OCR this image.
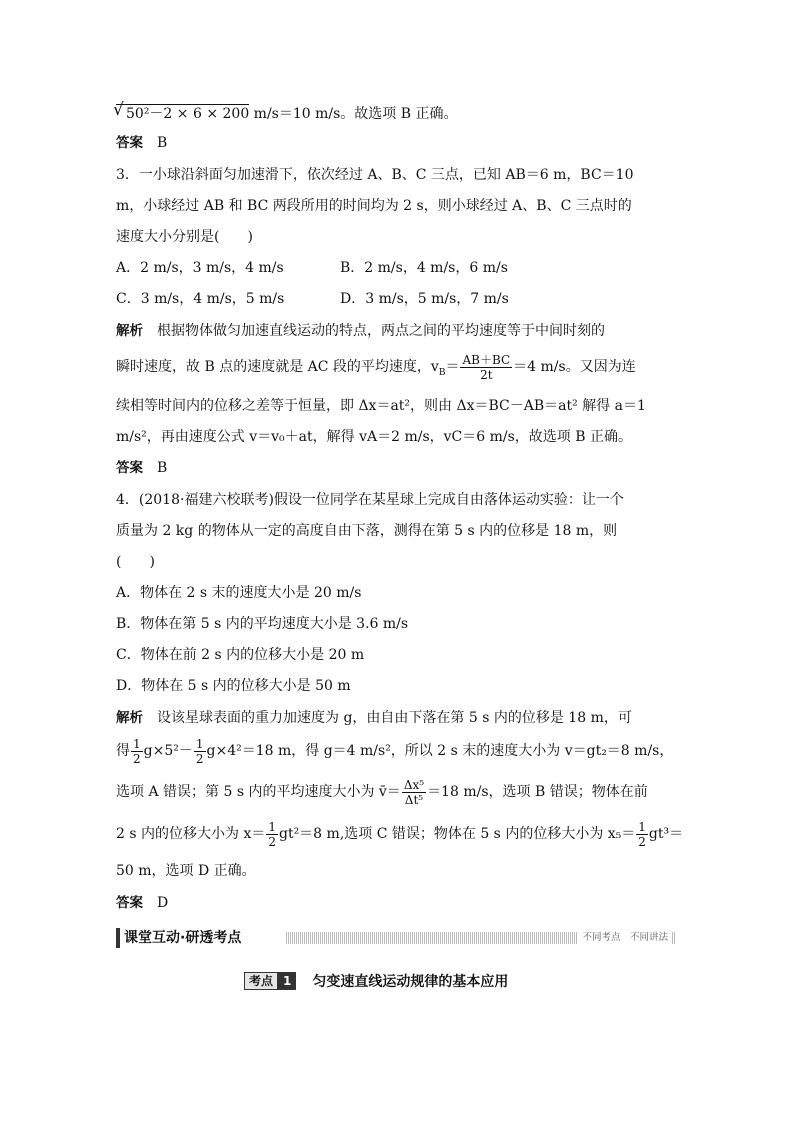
√ 50²－2 × 6 × 200 m/s＝10 m/s。故选项 B 正确。
答案　 B
3．一小球沿斜面匀加速滑下，依次经过 A、B、C 三点，已知 AB＝6 m，BC＝10
m，小球经过 AB 和 BC 两段所用的时间均为 2 s，则小球经过 A、B、C 三点时的
速度大小分别是(　　)
A．2 m/s，3 m/s，4 m/s	B．2 m/s，4 m/s，6 m/s
C．3 m/s，4 m/s，5 m/s	D．3 m/s，5 m/s，7 m/s
解析　根据物体做匀加速直线运动的特点，两点之间的平均速度等于中间时刻的
瞬时速度，故 B 点的速度就是 AC 段的平均速度，$v_B= \frac{AB+BC}{2t} =4$ m/s。又因为连
续相等时间内的位移之差等于恒量，即 Δx＝at²，则由 Δx＝BC－AB＝at² 解得 a＝1
m/s²，再由速度公式 v＝v₀＋at，解得 vA＝2 m/s，vC＝6 m/s，故选项 B 正确。
答案　 B
4．(2018·福建六校联考)假设一位同学在某星球上完成自由落体运动实验：让一个
质量为 2 kg 的物体从一定的高度自由下落，测得在第 5 s 内的位移是 18 m，则
(　　)
A．物体在 2 s 末的速度大小是 20 m/s
B．物体在第 5 s 内的平均速度大小是 3.6 m/s
C．物体在前 2 s 内的位移大小是 20 m
D．物体在 5 s 内的位移大小是 50 m
解析　设该星球表面的重力加速度为 g，由自由下落在第 5 s 内的位移是 18 m，可
得 $\frac{1}{2} g\times 5^2- \frac{1}{2} g\times 4^2=18$ m，得 g＝4 m/s²，所以 2 s 末的速度大小为 v＝gt₂＝8 m/s，
选项 A 错误；第 5 s 内的平均速度大小为 v̄＝ $\frac{\text{Δx⁵}}{\text{Δt⁵}} =18$ m/s，选项 B 错误；物体在前
2 s 内的位移大小为 $x= \frac{1}{2} gt^2=8$ m,选项 C 错误；物体在 5 s 内的位移大小为 $x_5= \frac{1}{2} gt^3=$
50 m，选项 D 正确。
答案　 D
课堂互动·研透考点	不同考点　不同讲法
考点 1	匀变速直线运动规律的基本应用
